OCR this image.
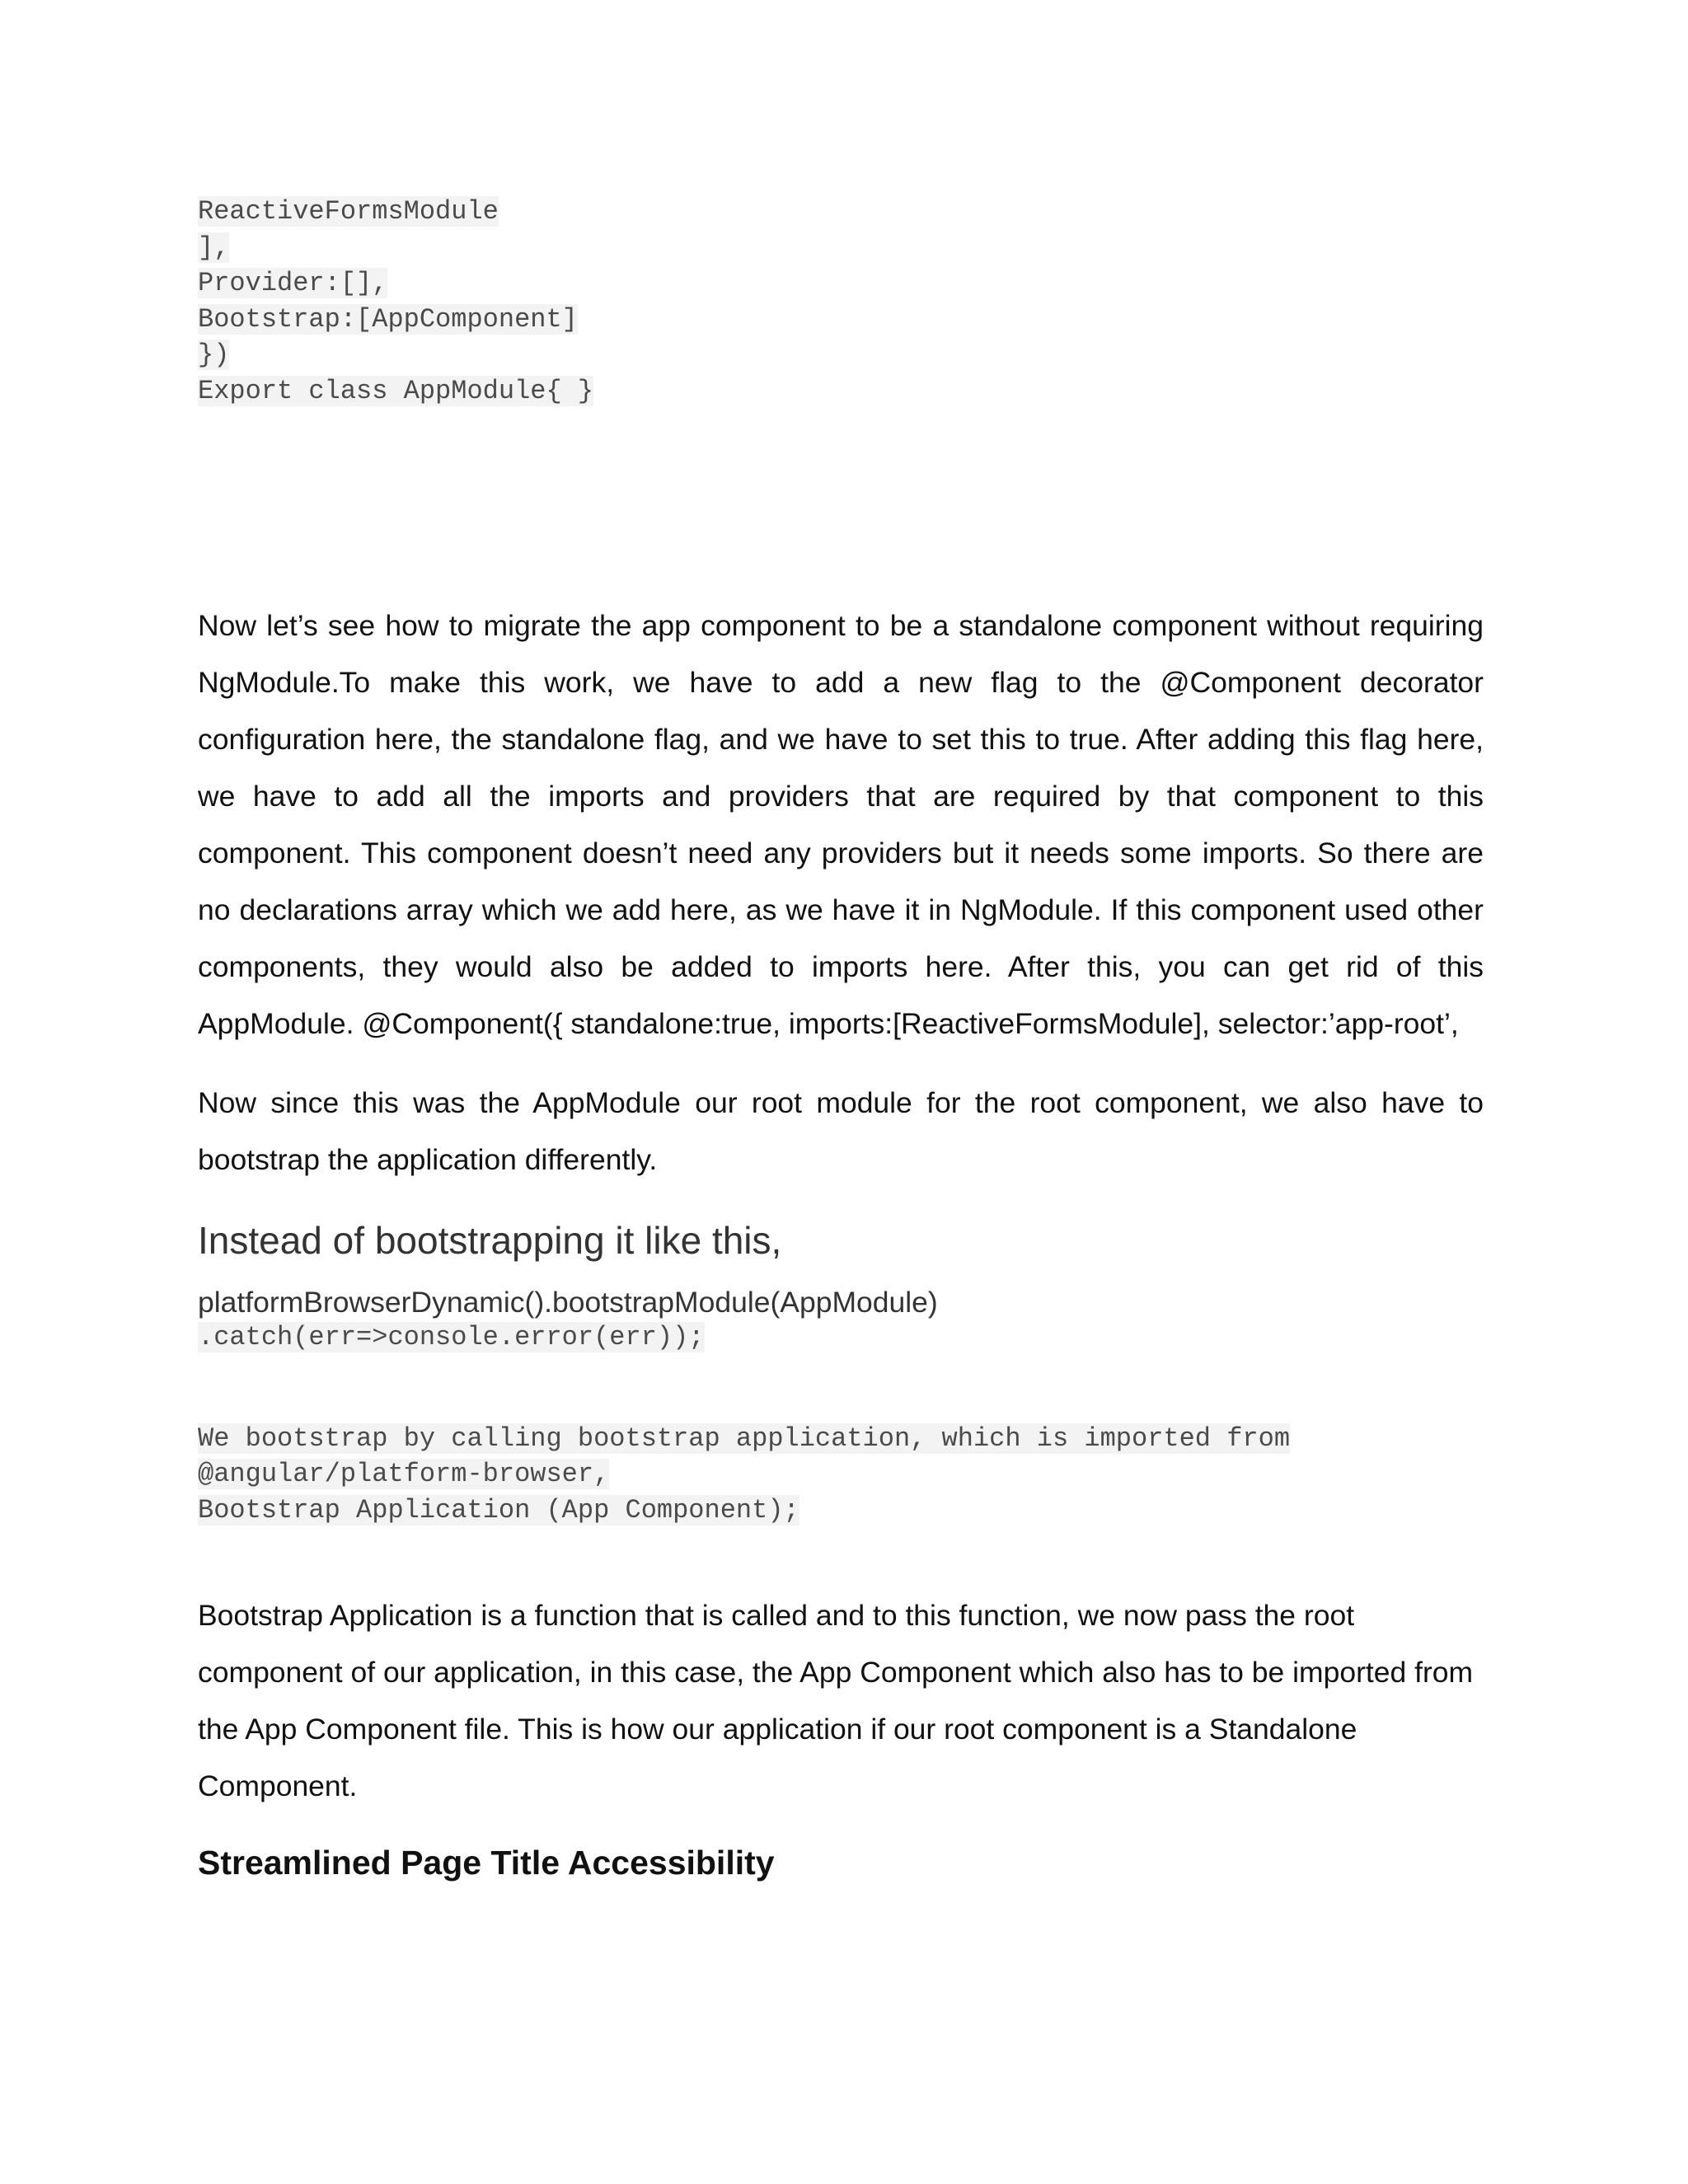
ReactiveFormsModule
],
Provider:[],
Bootstrap:[AppComponent]
})
Export class AppModule{ }

Now let’s see how to migrate the app component to be a standalone component without requiring NgModule.To make this work, we have to add a new flag to the @Component decorator configuration here, the standalone flag, and we have to set this to true. After adding this flag here, we have to add all the imports and providers that are required by that component to this component. This component doesn’t need any providers but it needs some imports. So there are no declarations array which we add here, as we have it in NgModule. If this component used other components, they would also be added to imports here. After this, you can get rid of this AppModule. @Component({ standalone:true, imports:[ReactiveFormsModule], selector:’app-root’,

Now since this was the AppModule our root module for the root component, we also have to bootstrap the application differently.

Instead of bootstrapping it like this,
platformBrowserDynamic().bootstrapModule(AppModule)
.catch(err=>console.error(err));
We bootstrap by calling bootstrap application, which is imported from
@angular/platform-browser,
Bootstrap Application (App Component);

Bootstrap Application is a function that is called and to this function, we now pass the root component of our application, in this case, the App Component which also has to be imported from the App Component file. This is how our application if our root component is a Standalone Component.

Streamlined Page Title Accessibility
